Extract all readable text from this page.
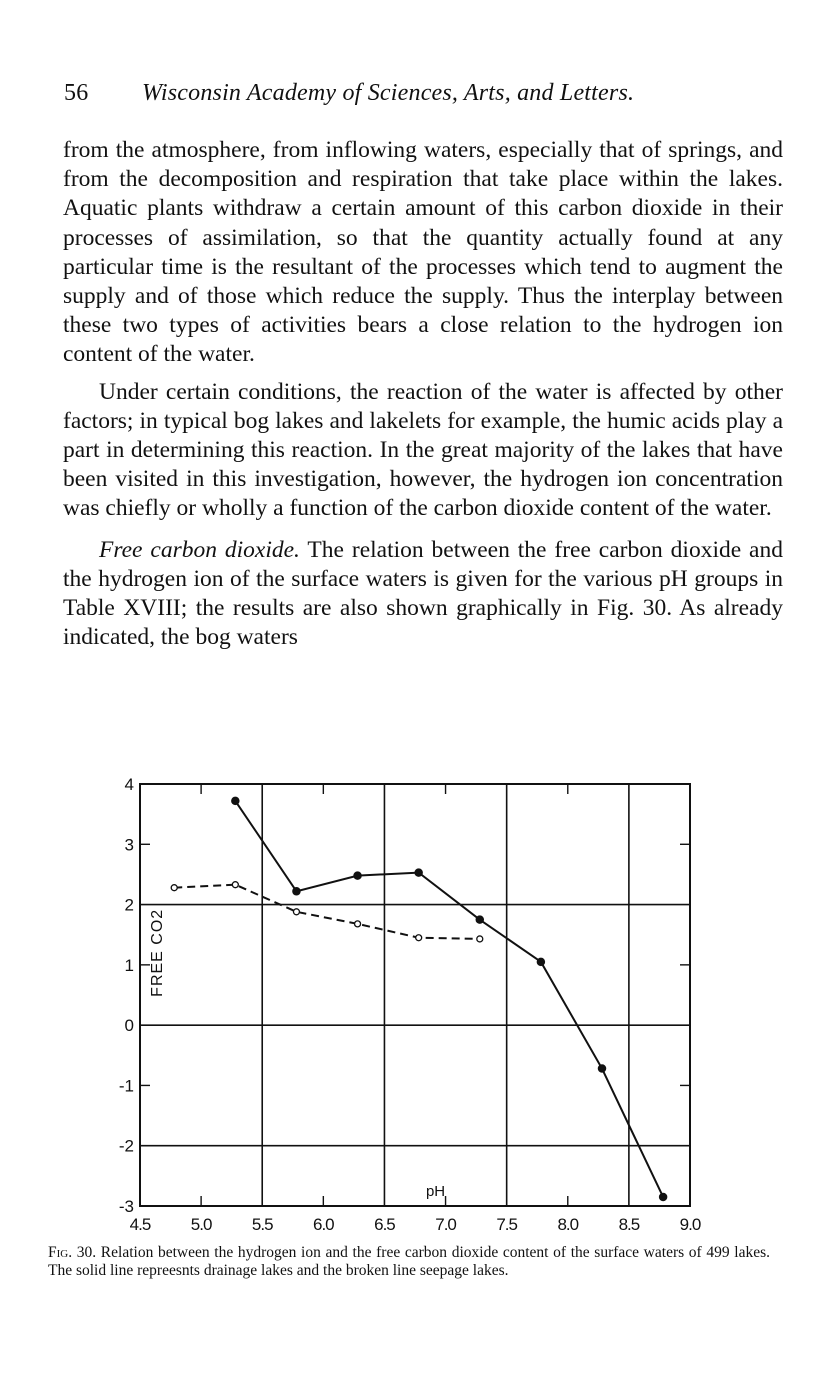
56 Wisconsin Academy of Sciences, Arts, and Letters.

from the atmosphere, from inflowing waters, especially that of springs, and from the decomposition and respiration that take place within the lakes. Aquatic plants withdraw a certain amount of this carbon dioxide in their processes of assimilation, so that the quantity actually found at any particular time is the resultant of the processes which tend to augment the supply and of those which reduce the supply. Thus the interplay between these two types of activities bears a close relation to the hydrogen ion content of the water.

Under certain conditions, the reaction of the water is affected by other factors; in typical bog lakes and lakelets for example, the humic acids play a part in determining this reaction. In the great majority of the lakes that have been visited in this investigation, however, the hydrogen ion concentration was chiefly or wholly a function of the carbon dioxide content of the water.

Free carbon dioxide. The relation between the free carbon dioxide and the hydrogen ion of the surface waters is given for the various pH groups in Table XVIII; the results are also shown graphically in Fig. 30. As already indicated, the bog waters

4.5 5.0 5.5 6.0 6.5 7.0 7.5 8.0 8.5 9.0
4
3
2
1
0
-1
-2
-3
pH
FREE CO2
Fig. 30. Relation between the hydrogen ion and the free carbon dioxide content of the surface waters of 499 lakes. The solid line repreesnts drainage lakes and the broken line seepage lakes.
